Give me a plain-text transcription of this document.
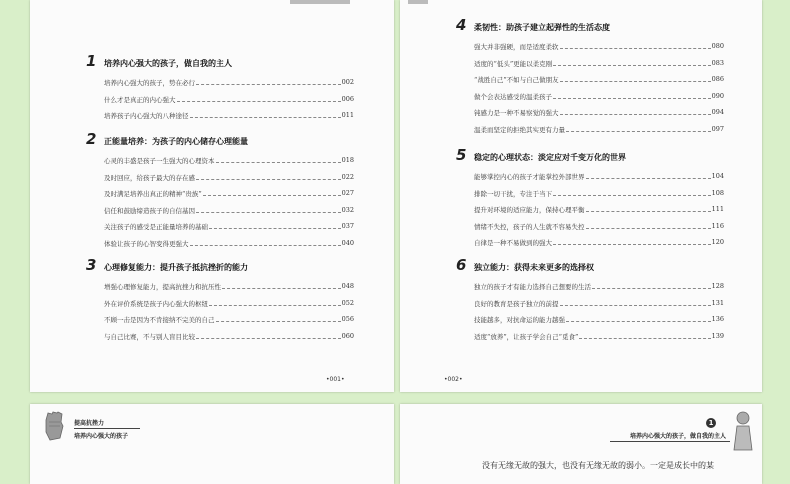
1 培养内心强大的孩子，做自我的主人
培养内心强大的孩子，势在必行	002
什么才是真正的内心强大	006
培养孩子内心强大的八种途径	011
2 正能量培养：为孩子的内心储存心理能量
心灵的丰盛是孩子一生强大的心理资本	018
及时回应，给孩子最大的存在感	022
及时满足培养出真正的精神“贵族”	027
信任和鼓励缔造孩子的自信基因	032
关注孩子的感受是正能量培养的基础	037
体验让孩子的心智变得更强大	040
3 心理修复能力：提升孩子抵抗挫折的能力
增强心理修复能力，提高抗挫力和抗压性	048
外在评价系统是孩子内心强大的枢纽	052
不顾一击是因为不肯接纳不完美的自己	056
与自己比赛，不与别人盲目比较	060
•001•
4 柔韧性：助孩子建立起弹性的生活态度
强大并非强硬，而是适度柔软	080
适度的“低头”更能以柔克刚	083
“战胜自己”不如与自己做朋友	086
做个会表达感受的温柔孩子	090
钝感力是一种不易察觉的强大	094
温柔而坚定的拒绝其实更有力量	097
5 稳定的心理状态：淡定应对千变万化的世界
能够掌控内心的孩子才能掌控外部世界	104
排除一切干扰，专注于当下	108
提升对环境的适应能力，保持心理平衡	111
情绪不失控，孩子的人生就不容易失控	116
自律是一种不易做到的强大	120
6 独立能力：获得未来更多的选择权
独立的孩子才有能力选择自己想要的生活	128
良好的教育是孩子独立的前提	131
技能越多，对抗命运的能力越强	136
适度“放养”，让孩子学会自己“觅食”	139
•002•
提高抗挫力
培养内心强大的孩子
1
培养内心强大的孩子，做自我的主人
没有无缘无故的强大，也没有无缘无故的弱小。一定是成长中的某
